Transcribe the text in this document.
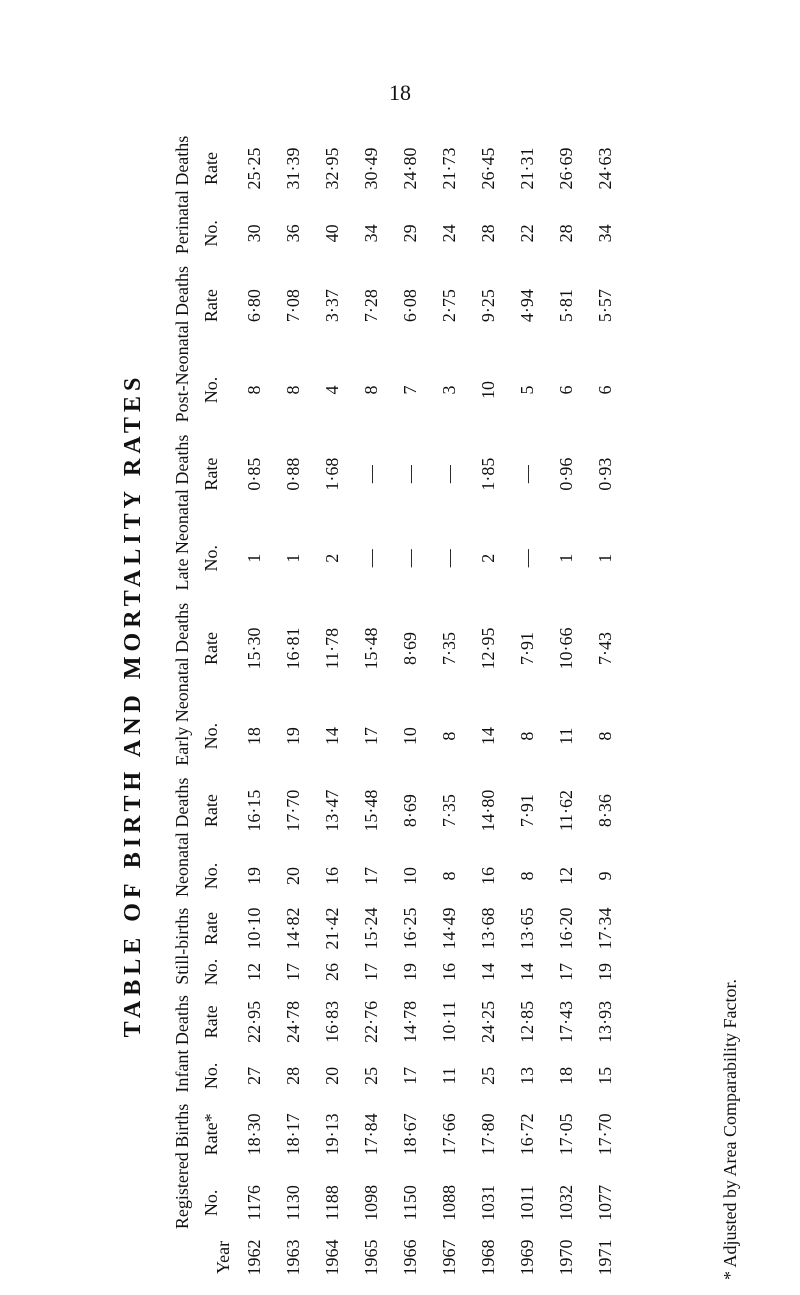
18
TABLE OF BIRTH AND MORTALITY RATES
Year	Registered Births		Infant Deaths		Still-births		Neonatal Deaths		Early Neonatal Deaths		Late Neonatal Deaths		Post-Neonatal Deaths		Perinatal Deaths	
	No.	Rate*	No.	Rate	No.	Rate	No.	Rate	No.	Rate	No.	Rate	No.	Rate	No.	Rate
1962	1176	18·30	27	22·95	12	10·10	19	16·15	18	15·30	1	0·85	8	6·80	30	25·25
1963	1130	18·17	28	24·78	17	14·82	20	17·70	19	16·81	1	0·88	8	7·08	36	31·39
1964	1188	19·13	20	16·83	26	21·42	16	13·47	14	11·78	2	1·68	4	3·37	40	32·95
1965	1098	17·84	25	22·76	17	15·24	17	15·48	17	15·48	—	—	8	7·28	34	30·49
1966	1150	18·67	17	14·78	19	16·25	10	8·69	10	8·69	—	—	7	6·08	29	24·80
1967	1088	17·66	11	10·11	16	14·49	8	7·35	8	7·35	—	—	3	2·75	24	21·73
1968	1031	17·80	25	24·25	14	13·68	16	14·80	14	12·95	2	1·85	10	9·25	28	26·45
1969	1011	16·72	13	12·85	14	13·65	8	7·91	8	7·91	—	—	5	4·94	22	21·31
1970	1032	17·05	18	17·43	17	16·20	12	11·62	11	10·66	1	0·96	6	5·81	28	26·69
1971	1077	17·70	15	13·93	19	17·34	9	8·36	8	7·43	1	0·93	6	5·57	34	24·63
* Adjusted by Area Comparability Factor.
